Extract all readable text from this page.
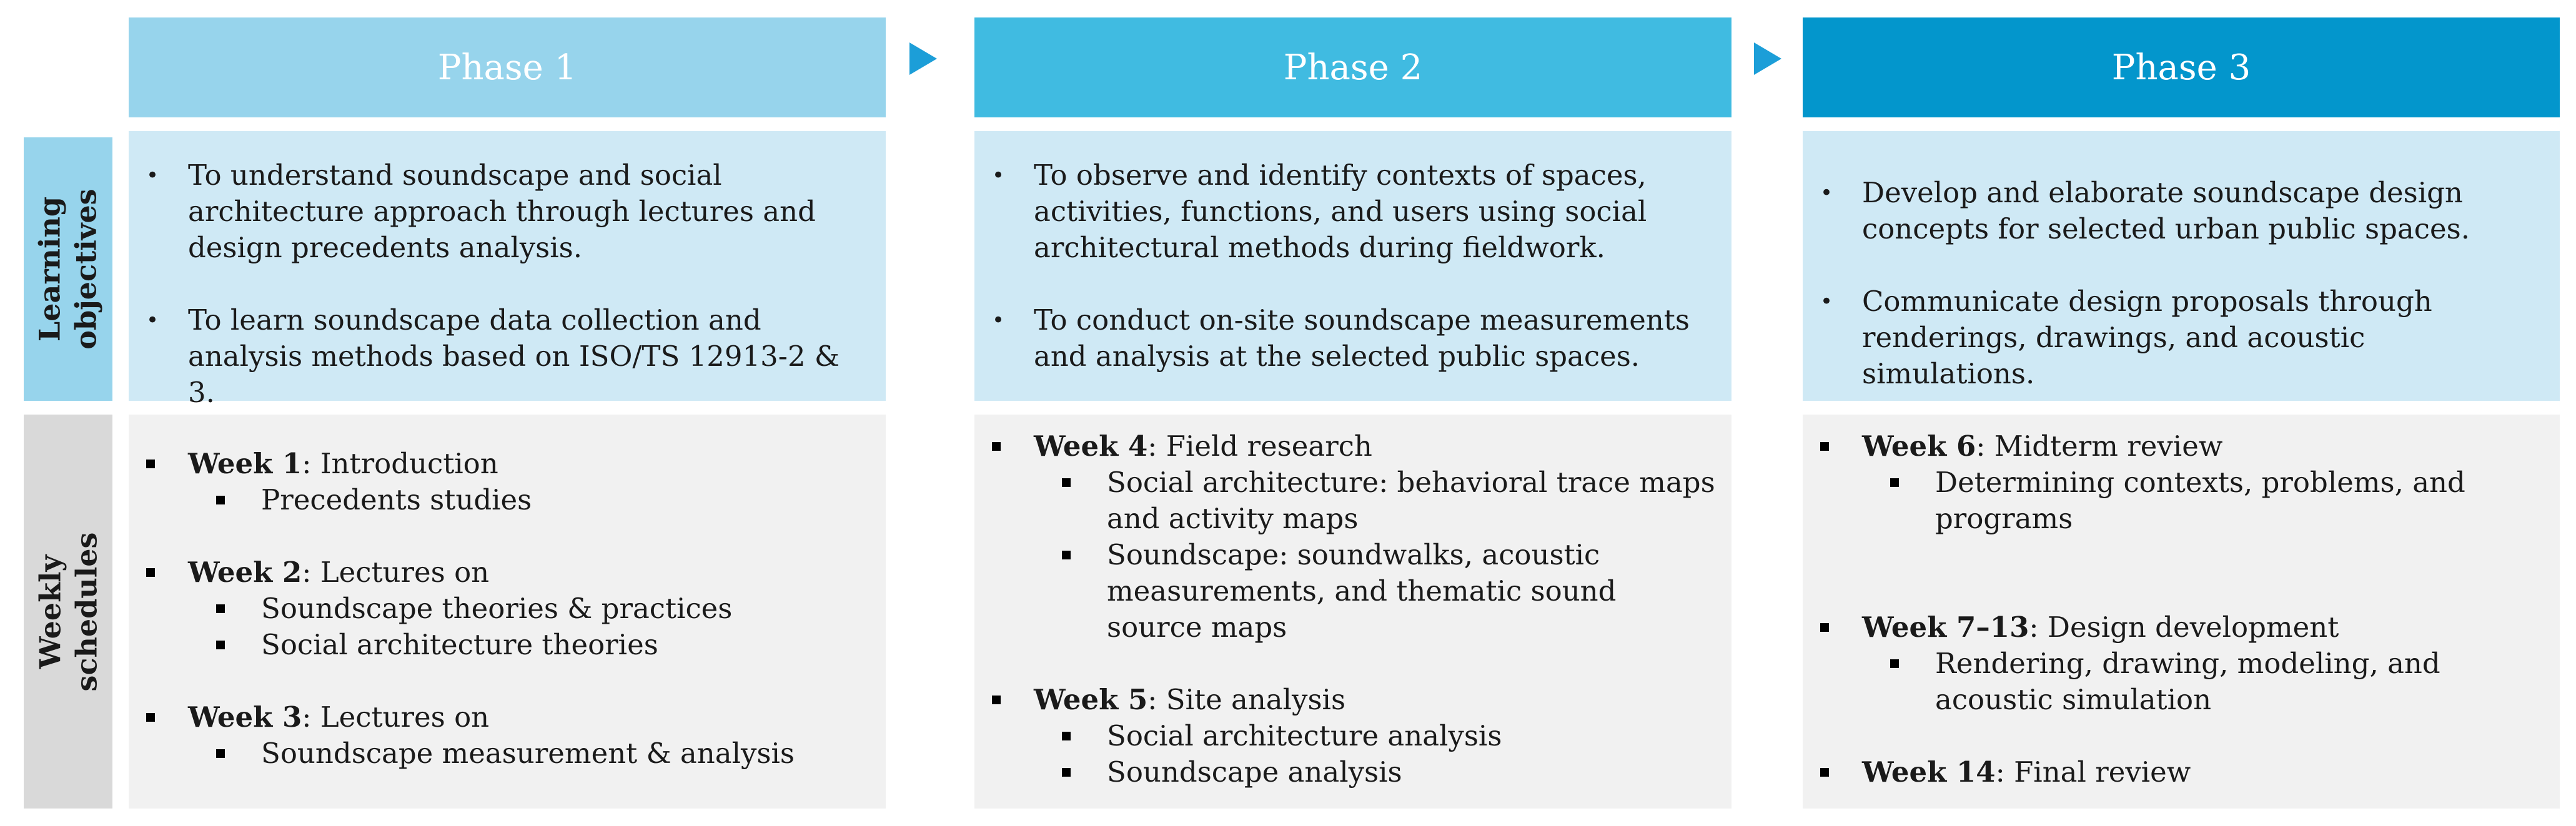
Phase 1	Phase 2	Phase 3
Learning
objectives
Weekly
schedules
• To understand soundscape and social architecture approach through lectures and design precedents analysis.
• To learn soundscape data collection and analysis methods based on ISO/TS 12913-2 & 3.
• To observe and identify contexts of spaces, activities, functions, and users using social architectural methods during fieldwork.
• To conduct on-site soundscape measurements and analysis at the selected public spaces.
• Develop and elaborate soundscape design concepts for selected urban public spaces.
• Communicate design proposals through renderings, drawings, and acoustic simulations.
Week 1: Introduction
Precedents studies
Week 2: Lectures on
Soundscape theories & practices
Social architecture theories
Week 3: Lectures on
Soundscape measurement & analysis
Week 4: Field research
Social architecture: behavioral trace maps and activity maps
Soundscape: soundwalks, acoustic measurements, and thematic sound source maps
Week 5: Site analysis
Social architecture analysis
Soundscape analysis
Week 6: Midterm review
Determining contexts, problems, and programs
Week 7–13: Design development
Rendering, drawing, modeling, and acoustic simulation
Week 14: Final review
